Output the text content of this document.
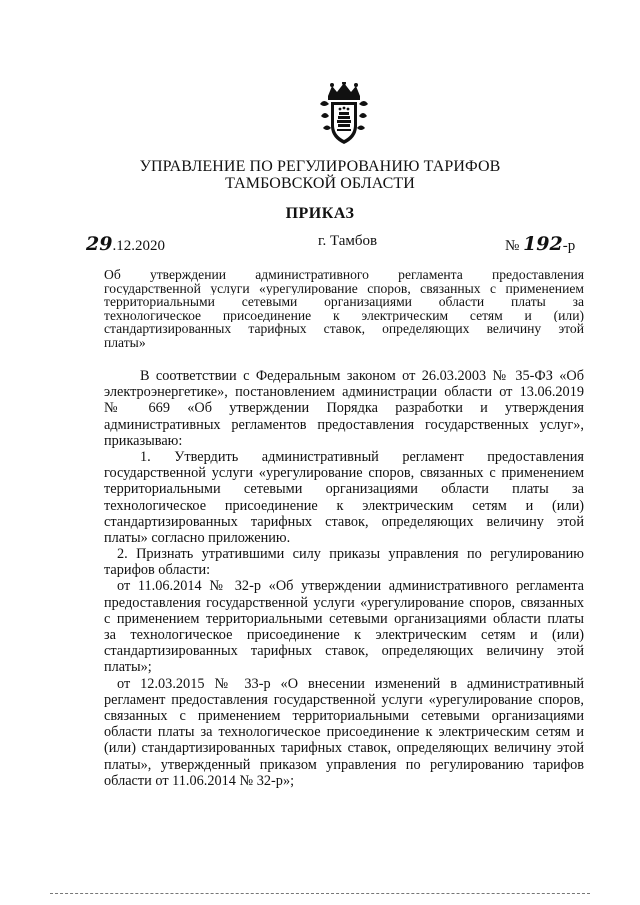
УПРАВЛЕНИЕ ПО РЕГУЛИРОВАНИЮ ТАРИФОВ
ТАМБОВСКОЙ ОБЛАСТИ
ПРИКАЗ
29.12.2020	г. Тамбов	№ 192-р
Об утверждении административного регламента предоставления
государственной услуги «урегулирование споров, связанных с применением
территориальными сетевыми организациями области платы за
технологическое присоединение к электрическим сетям и (или)
стандартизированных тарифных ставок, определяющих величину этой
платы»
В соответствии с Федеральным законом от 26.03.2003 № 35-ФЗ «Об
электроэнергетике», постановлением администрации области от 13.06.2019
№ 669 «Об утверждении Порядка разработки и утверждения
административных регламентов предоставления государственных услуг»,
приказываю:
1. Утвердить административный регламент предоставления
государственной услуги «урегулирование споров, связанных с применением
территориальными сетевыми организациями области платы за
технологическое присоединение к электрическим сетям и (или)
стандартизированных тарифных ставок, определяющих величину этой
платы» согласно приложению.
2. Признать утратившими силу приказы управления по регулированию
тарифов области:
от 11.06.2014 № 32-р «Об утверждении административного регламента
предоставления государственной услуги «урегулирование споров, связанных
с применением территориальными сетевыми организациями области платы
за технологическое присоединение к электрическим сетям и (или)
стандартизированных тарифных ставок, определяющих величину этой
платы»;
от 12.03.2015 № 33-р «О внесении изменений в административный
регламент предоставления государственной услуги «урегулирование споров,
связанных с применением территориальными сетевыми организациями
области платы за технологическое присоединение к электрическим сетям и
(или) стандартизированных тарифных ставок, определяющих величину этой
платы», утвержденный приказом управления по регулированию тарифов
области от 11.06.2014 № 32-р»;
